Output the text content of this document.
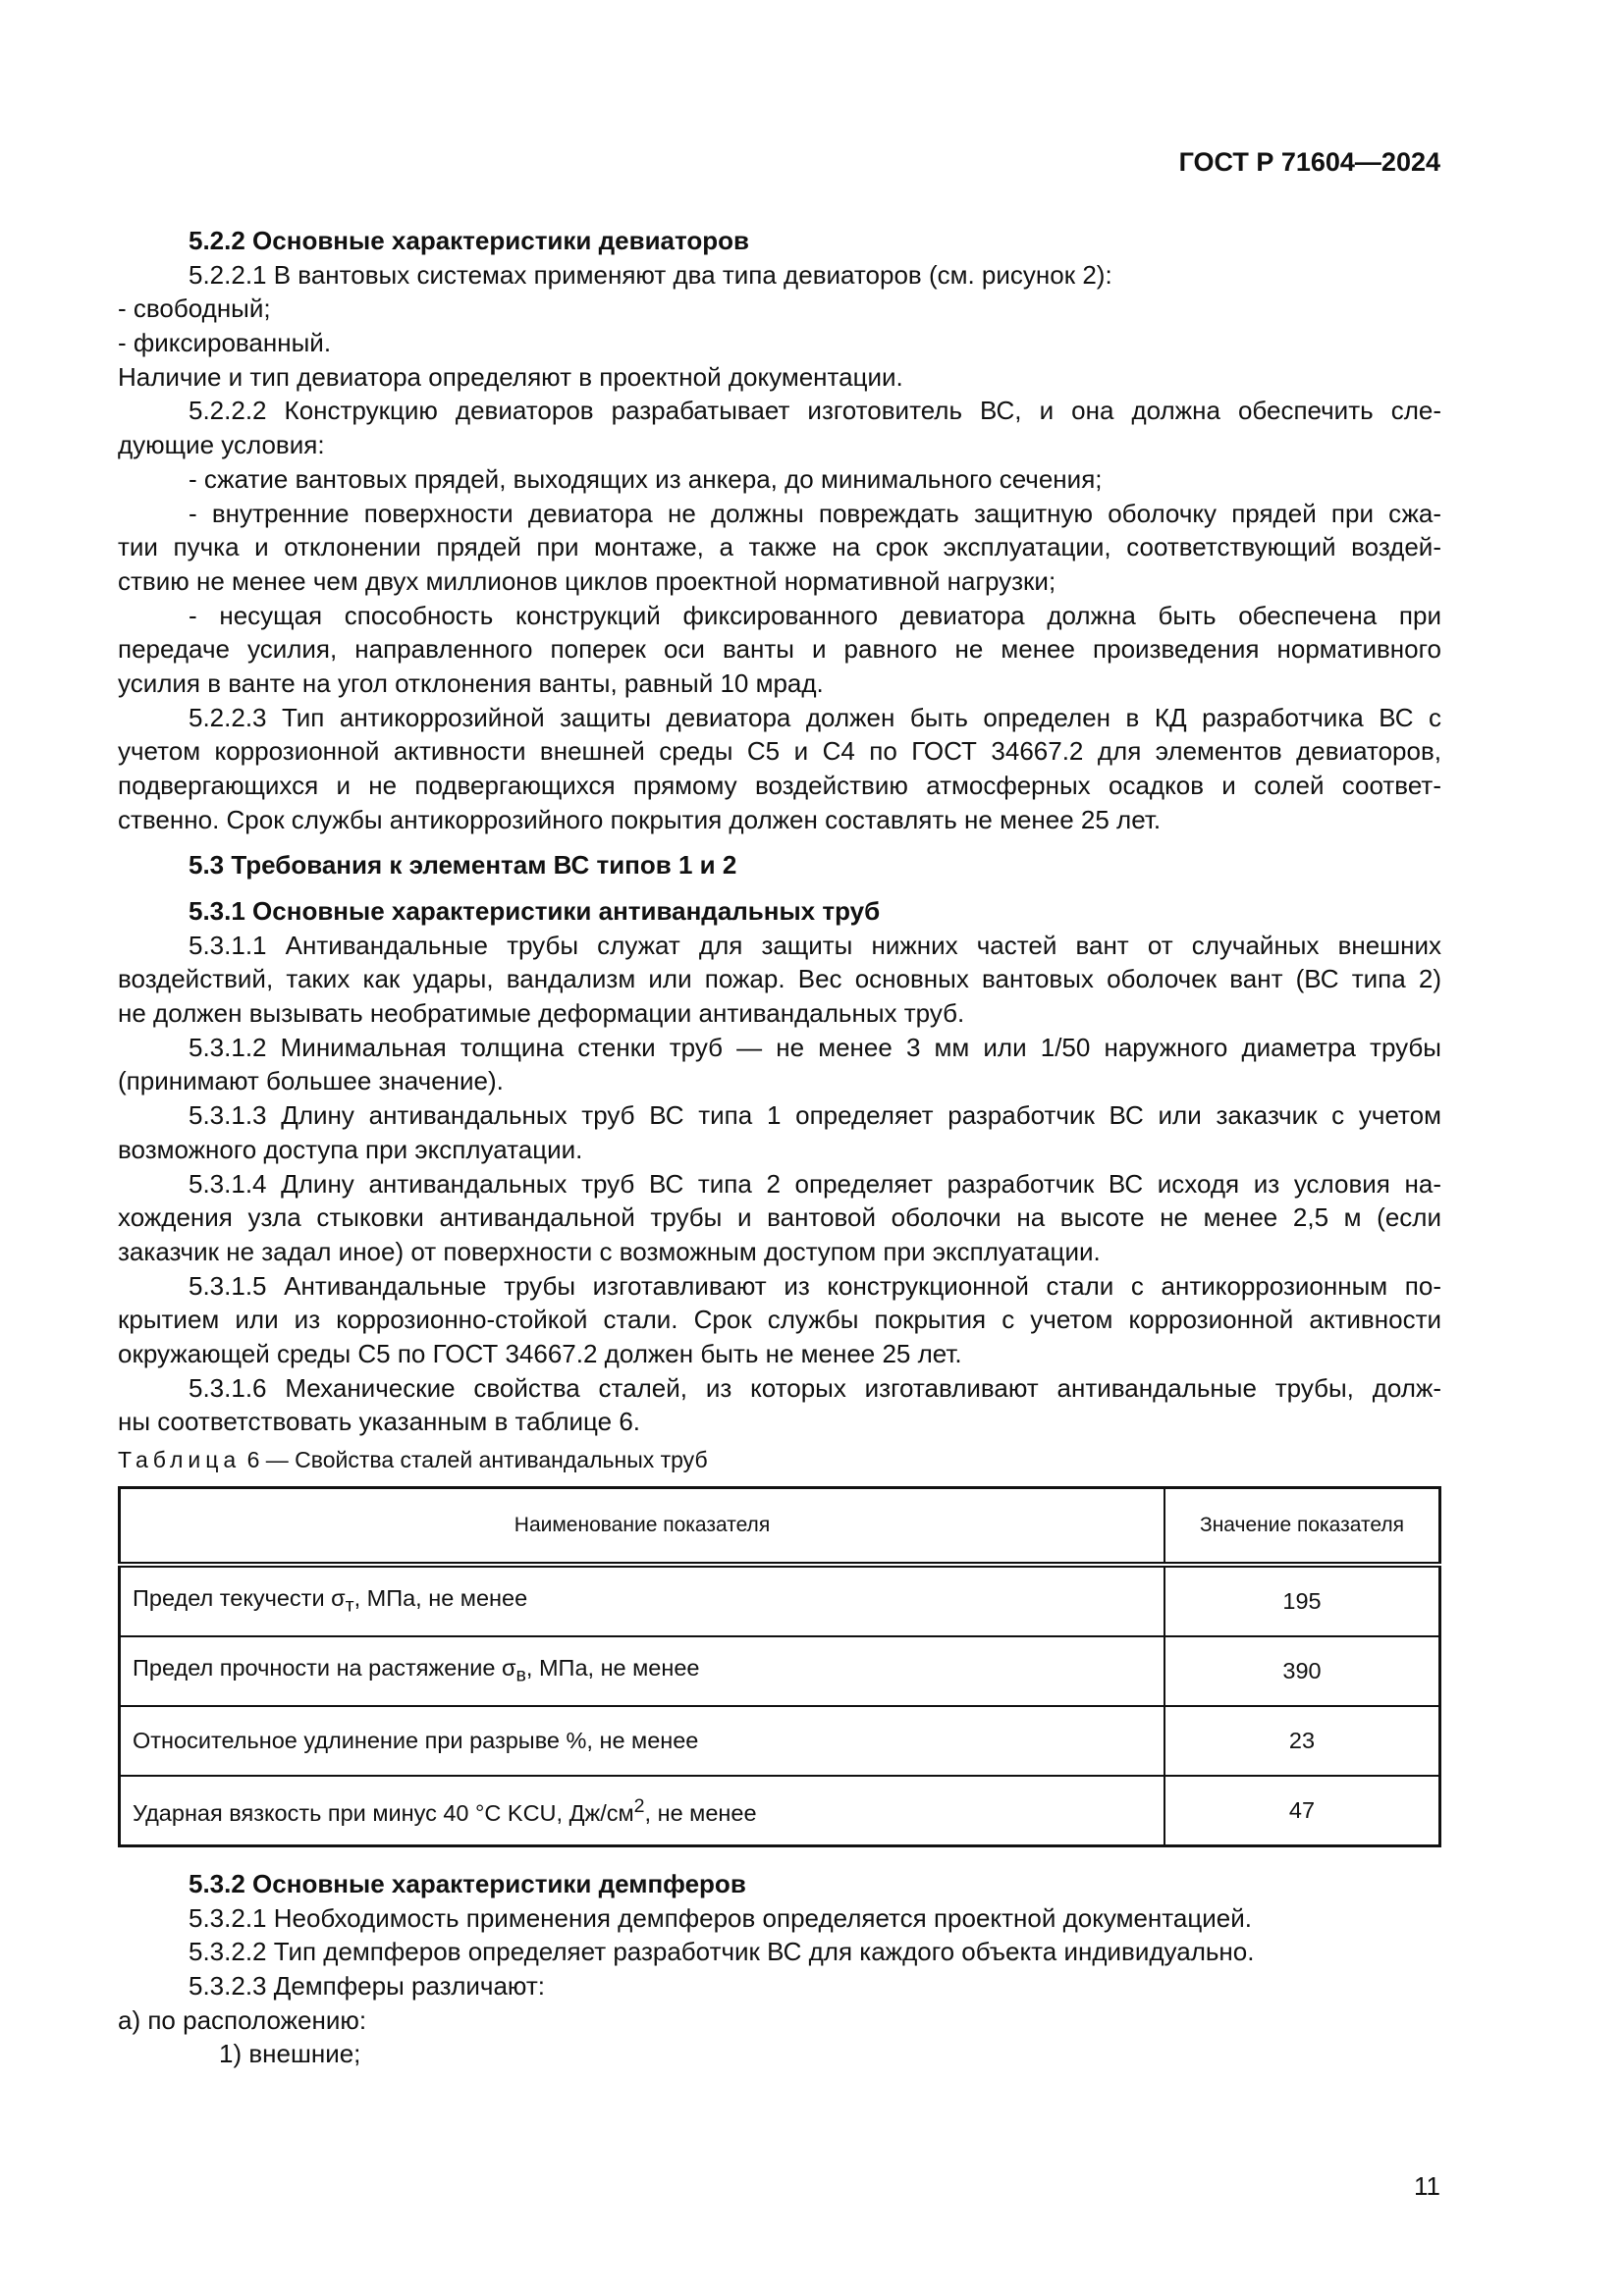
ГОСТ Р 71604—2024
5.2.2 Основные характеристики девиаторов
5.2.2.1 В вантовых системах применяют два типа девиаторов (см. рисунок 2):
- свободный;
- фиксированный.
Наличие и тип девиатора определяют в проектной документации.
5.2.2.2 Конструкцию девиаторов разрабатывает изготовитель ВС, и она должна обеспечить сле-
дующие условия:
- сжатие вантовых прядей, выходящих из анкера, до минимального сечения;
- внутренние поверхности девиатора не должны повреждать защитную оболочку прядей при сжа-
тии пучка и отклонении прядей при монтаже, а также на срок эксплуатации, соответствующий воздей-
ствию не менее чем двух миллионов циклов проектной нормативной нагрузки;
- несущая способность конструкций фиксированного девиатора должна быть обеспечена при
передаче усилия, направленного поперек оси ванты и равного не менее произведения нормативного
усилия в ванте на угол отклонения ванты, равный 10 мрад.
5.2.2.3 Тип антикоррозийной защиты девиатора должен быть определен в КД разработчика ВС с
учетом коррозионной активности внешней среды С5 и С4 по ГОСТ 34667.2 для элементов девиаторов,
подвергающихся и не подвергающихся прямому воздействию атмосферных осадков и солей соответ-
ственно. Срок службы антикоррозийного покрытия должен составлять не менее 25 лет.
5.3 Требования к элементам ВС типов 1 и 2
5.3.1 Основные характеристики антивандальных труб
5.3.1.1 Антивандальные трубы служат для защиты нижних частей вант от случайных внешних
воздействий, таких как удары, вандализм или пожар. Вес основных вантовых оболочек вант (ВС типа 2)
не должен вызывать необратимые деформации антивандальных труб.
5.3.1.2 Минимальная толщина стенки труб — не менее 3 мм или 1/50 наружного диаметра трубы
(принимают большее значение).
5.3.1.3 Длину антивандальных труб ВС типа 1 определяет разработчик ВС или заказчик с учетом
возможного доступа при эксплуатации.
5.3.1.4 Длину антивандальных труб ВС типа 2 определяет разработчик ВС исходя из условия на-
хождения узла стыковки антивандальной трубы и вантовой оболочки на высоте не менее 2,5 м (если
заказчик не задал иное) от поверхности с возможным доступом при эксплуатации.
5.3.1.5 Антивандальные трубы изготавливают из конструкционной стали с антикоррозионным по-
крытием или из коррозионно-стойкой стали. Срок службы покрытия с учетом коррозионной активности
окружающей среды С5 по ГОСТ 34667.2 должен быть не менее 25 лет.
5.3.1.6 Механические свойства сталей, из которых изготавливают антивандальные трубы, долж-
ны соответствовать указанным в таблице 6.
Таблица 6 — Свойства сталей антивандальных труб
Наименование показателя	Значение показателя
Предел текучести $\sigma_т$, МПа, не менее	195
Предел прочности на растяжение $\sigma_в$, МПа, не менее	390
Относительное удлинение при разрыве %, не менее	23
Ударная вязкость при минус 40 °С KCU, $Дж/см^2$, не менее	47
5.3.2 Основные характеристики демпферов
5.3.2.1 Необходимость применения демпферов определяется проектной документацией.
5.3.2.2 Тип демпферов определяет разработчик ВС для каждого объекта индивидуально.
5.3.2.3 Демпферы различают:
а) по расположению:
1) внешние;
11
